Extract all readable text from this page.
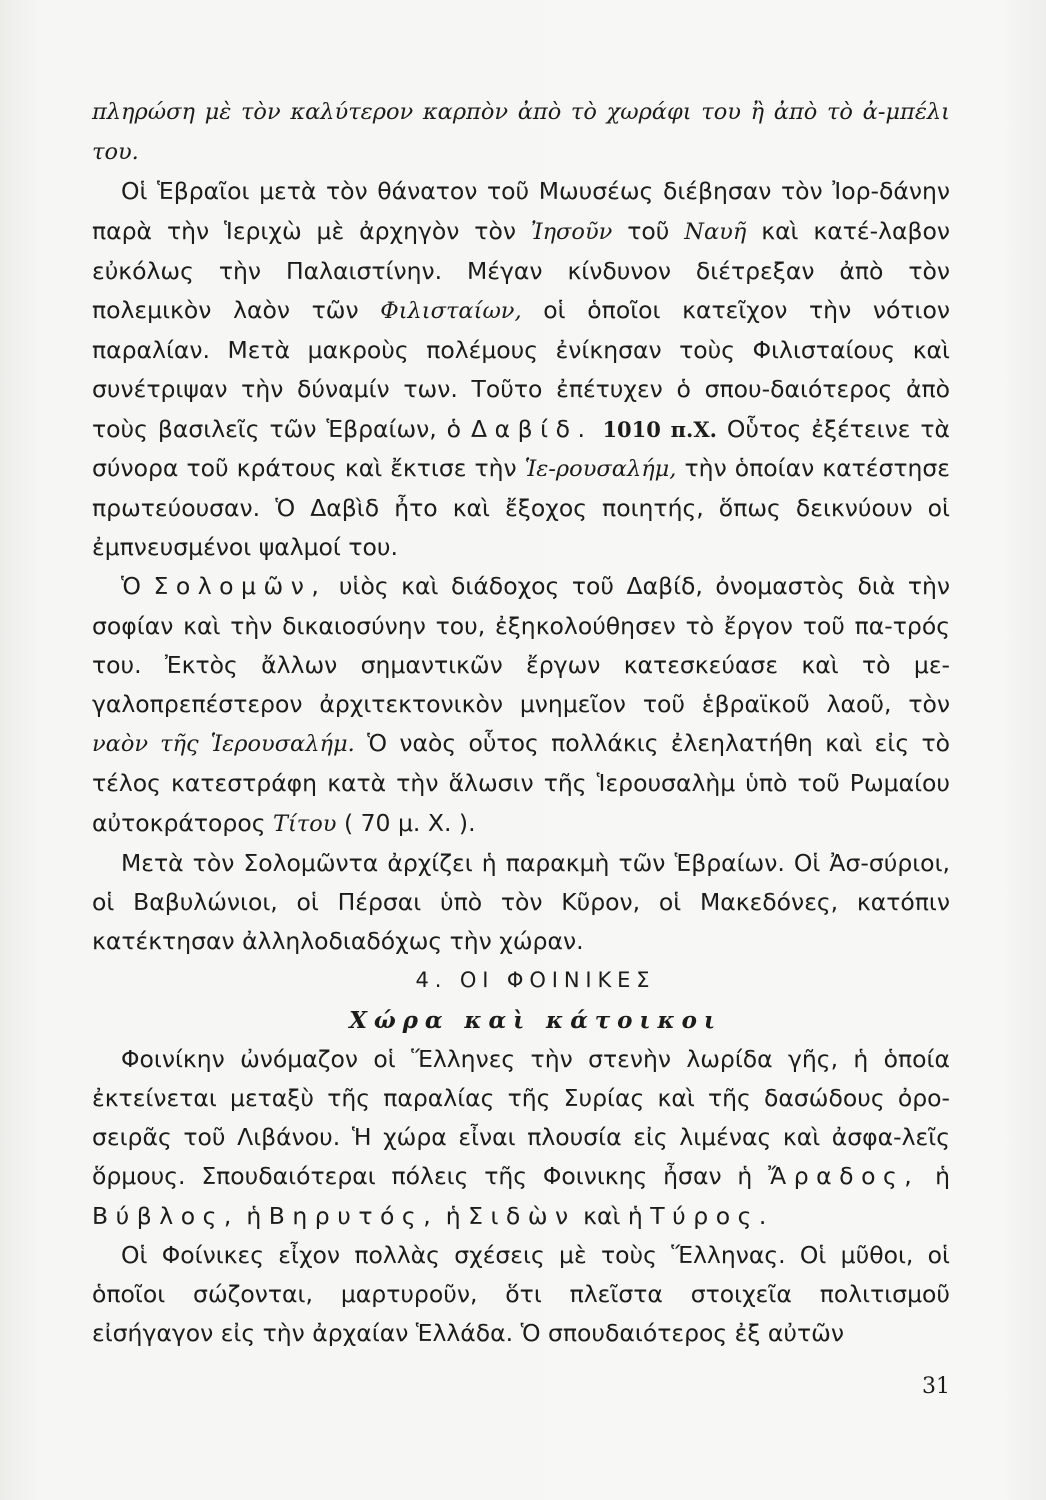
πληρώση μὲ τὸν καλύτερον καρπὸν ἀπὸ τὸ χωράφι του ἢ ἀπὸ τὸ ἀ-μπέλι του.

Οἱ Ἑβραῖοι μετὰ τὸν θάνατον τοῦ Μωυσέως διέβησαν τὸν Ἰορ-δάνην παρὰ τὴν Ἱεριχὼ μὲ ἀρχηγὸν τὸν Ἰησοῦν τοῦ Ναυῆ καὶ κατέ-λαβον εὐκόλως τὴν Παλαιστίνην. Μέγαν κίνδυνον διέτρεξαν ἀπὸ τὸν πολεμικὸν λαὸν τῶν Φιλισταίων, οἱ ὁποῖοι κατεῖχον τὴν νότιον παραλίαν. Μετὰ μακροὺς πολέμους ἐνίκησαν τοὺς Φιλισταίους καὶ συνέτριψαν τὴν δύναμίν των. Τοῦτο ἐπέτυχεν ὁ σπου-δαιότερος ἀπὸ τοὺς βασιλεῖς τῶν Ἑβραίων, ὁ Δαβίδ. 1010 π.Χ. Οὗτος ἐξέτεινε τὰ σύνορα τοῦ κράτους καὶ ἔκτισε τὴν Ἱε-ρουσαλήμ, τὴν ὁποίαν κατέστησε πρωτεύουσαν. Ὁ Δαβὶδ ἦτο καὶ ἔξοχος ποιητής, ὅπως δεικνύουν οἱ ἐμπνευσμένοι ψαλμοί του.

Ὁ Σολομῶν, υἱὸς καὶ διάδοχος τοῦ Δαβίδ, ὀνομαστὸς διὰ τὴν σοφίαν καὶ τὴν δικαιοσύνην του, ἐξηκολούθησεν τὸ ἔργον τοῦ πα-τρός του. Ἐκτὸς ἄλλων σημαντικῶν ἔργων κατεσκεύασε καὶ τὸ με-γαλοπρεπέστερον ἀρχιτεκτονικὸν μνημεῖον τοῦ ἑβραϊκοῦ λαοῦ, τὸν ναὸν τῆς Ἱερουσαλήμ. Ὁ ναὸς οὗτος πολλάκις ἐλεηλατήθη καὶ εἰς τὸ τέλος κατεστράφη κατὰ τὴν ἅλωσιν τῆς Ἱερουσαλὴμ ὑπὸ τοῦ Ρωμαίου αὐτοκράτορος Τίτου ( 70 μ. Χ. ).

Μετὰ τὸν Σολομῶντα ἀρχίζει ἡ παρακμὴ τῶν Ἑβραίων. Οἱ Ἀσ-σύριοι, οἱ Βαβυλώνιοι, οἱ Πέρσαι ὑπὸ τὸν Κῦρον, οἱ Μακεδόνες, κατόπιν κατέκτησαν ἀλληλοδιαδόχως τὴν χώραν.

4. ΟΙ ΦΟΙΝΙΚΕΣ

Χώρα καὶ κάτοικοι

Φοινίκην ὠνόμαζον οἱ Ἕλληνες τὴν στενὴν λωρίδα γῆς, ἡ ὁποία ἐκτείνεται μεταξὺ τῆς παραλίας τῆς Συρίας καὶ τῆς δασώδους ὀρο-σειρᾶς τοῦ Λιβάνου. Ἡ χώρα εἶναι πλουσία εἰς λιμένας καὶ ἀσφα-λεῖς ὅρμους. Σπουδαιότεραι πόλεις τῆς Φοινικης ἦσαν ἡ Ἄραδος, ἡ Βύβλος, ἡ Βηρυτός, ἡ Σιδὼν καὶ ἡ Τύρος.

Οἱ Φοίνικες εἶχον πολλὰς σχέσεις μὲ τοὺς Ἕλληνας. Οἱ μῦθοι, οἱ ὁποῖοι σώζονται, μαρτυροῦν, ὅτι πλεῖστα στοιχεῖα πολιτισμοῦ εἰσήγαγον εἰς τὴν ἀρχαίαν Ἑλλάδα. Ὁ σπουδαιότερος ἐξ αὐτῶν

31
